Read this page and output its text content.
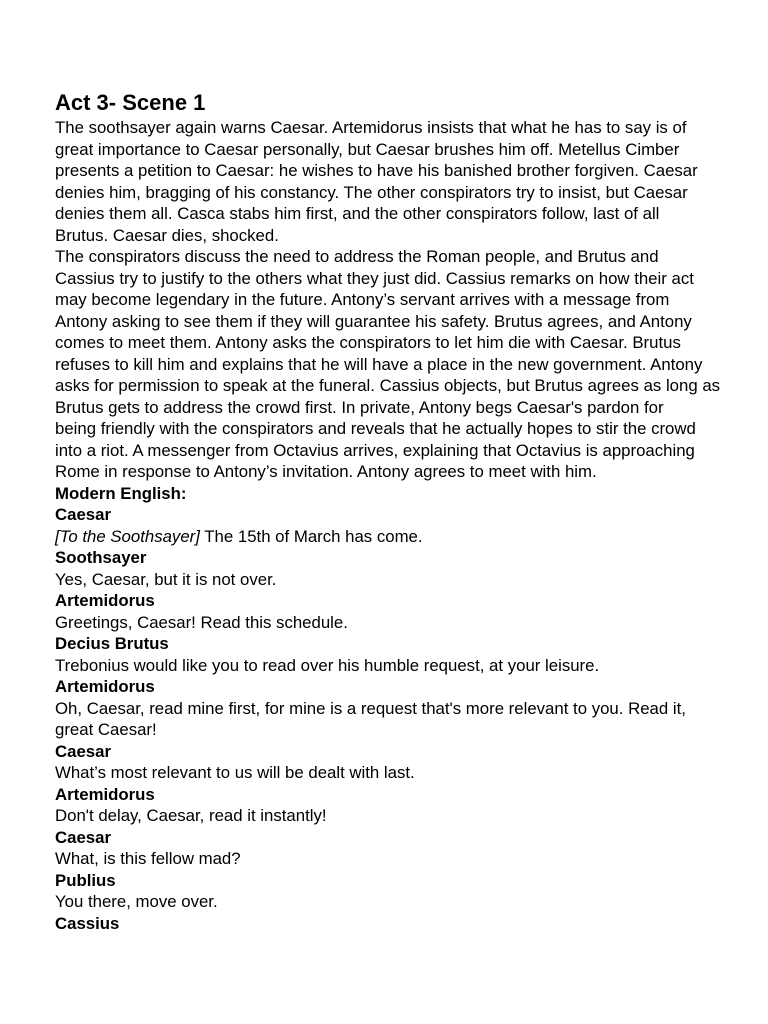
Act 3- Scene 1
The soothsayer again warns Caesar. Artemidorus insists that what he has to say is of
great importance to Caesar personally, but Caesar brushes him off. Metellus Cimber
presents a petition to Caesar: he wishes to have his banished brother forgiven. Caesar
denies him, bragging of his constancy. The other conspirators try to insist, but Caesar
denies them all. Casca stabs him first, and the other conspirators follow, last of all
Brutus. Caesar dies, shocked.
The conspirators discuss the need to address the Roman people, and Brutus and
Cassius try to justify to the others what they just did. Cassius remarks on how their act
may become legendary in the future. Antony’s servant arrives with a message from
Antony asking to see them if they will guarantee his safety. Brutus agrees, and Antony
comes to meet them. Antony asks the conspirators to let him die with Caesar. Brutus
refuses to kill him and explains that he will have a place in the new government. Antony
asks for permission to speak at the funeral. Cassius objects, but Brutus agrees as long as
Brutus gets to address the crowd first. In private, Antony begs Caesar's pardon for
being friendly with the conspirators and reveals that he actually hopes to stir the crowd
into a riot. A messenger from Octavius arrives, explaining that Octavius is approaching
Rome in response to Antony’s invitation. Antony agrees to meet with him.
Modern English:
Caesar
[To the Soothsayer] The 15th of March has come.
Soothsayer
Yes, Caesar, but it is not over.
Artemidorus
Greetings, Caesar! Read this schedule.
Decius Brutus
Trebonius would like you to read over his humble request, at your leisure.
Artemidorus
Oh, Caesar, read mine first, for mine is a request that's more relevant to you. Read it,
great Caesar!
Caesar
What’s most relevant to us will be dealt with last.
Artemidorus
Don't delay, Caesar, read it instantly!
Caesar
What, is this fellow mad?
Publius
You there, move over.
Cassius
